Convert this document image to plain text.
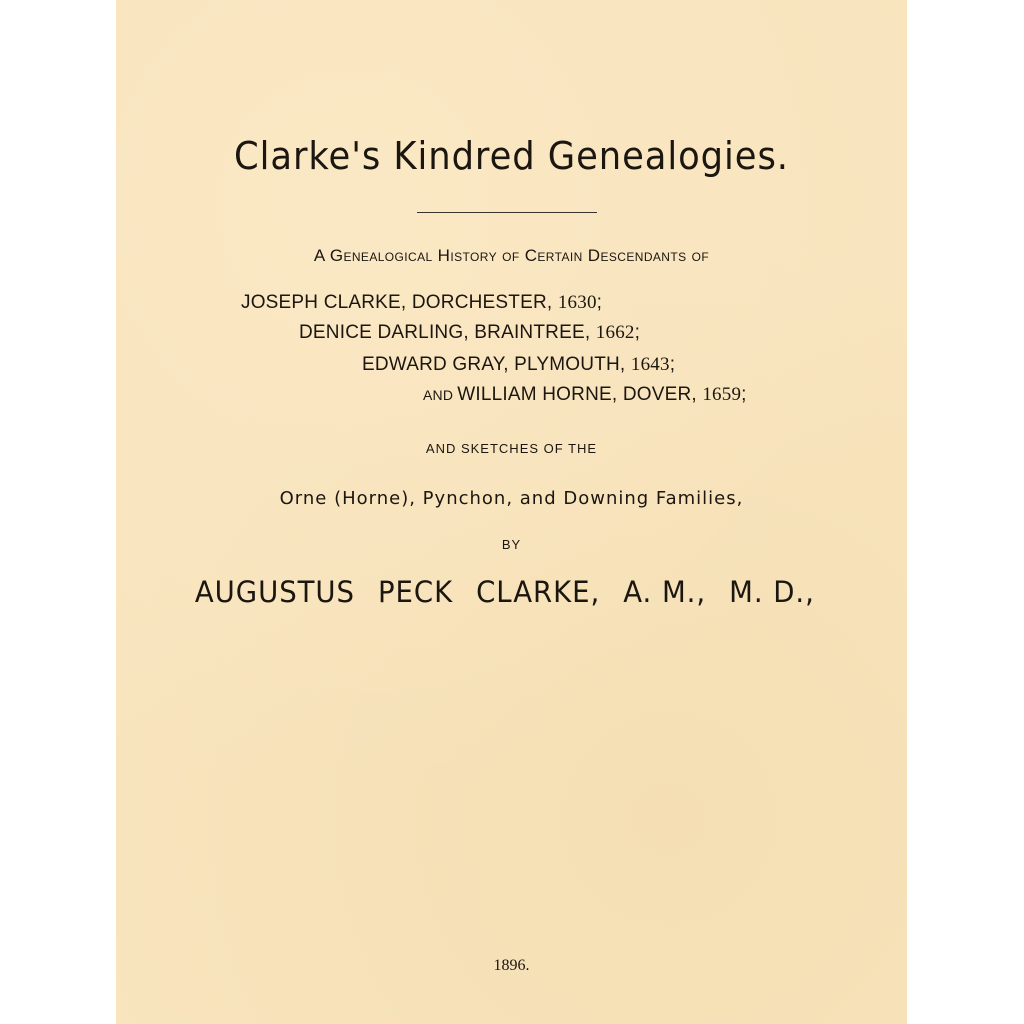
Clarke's Kindred Genealogies.
A Genealogical History of Certain Descendants of
JOSEPH CLARKE, DORCHESTER, 1630;
DENICE DARLING, BRAINTREE, 1662;
EDWARD GRAY, PLYMOUTH, 1643;
AND WILLIAM HORNE, DOVER, 1659;
AND SKETCHES OF THE
Orne (Horne), Pynchon, and Downing Families,
BY
AUGUSTUS PECK CLARKE, A. M., M. D.,
1896.
